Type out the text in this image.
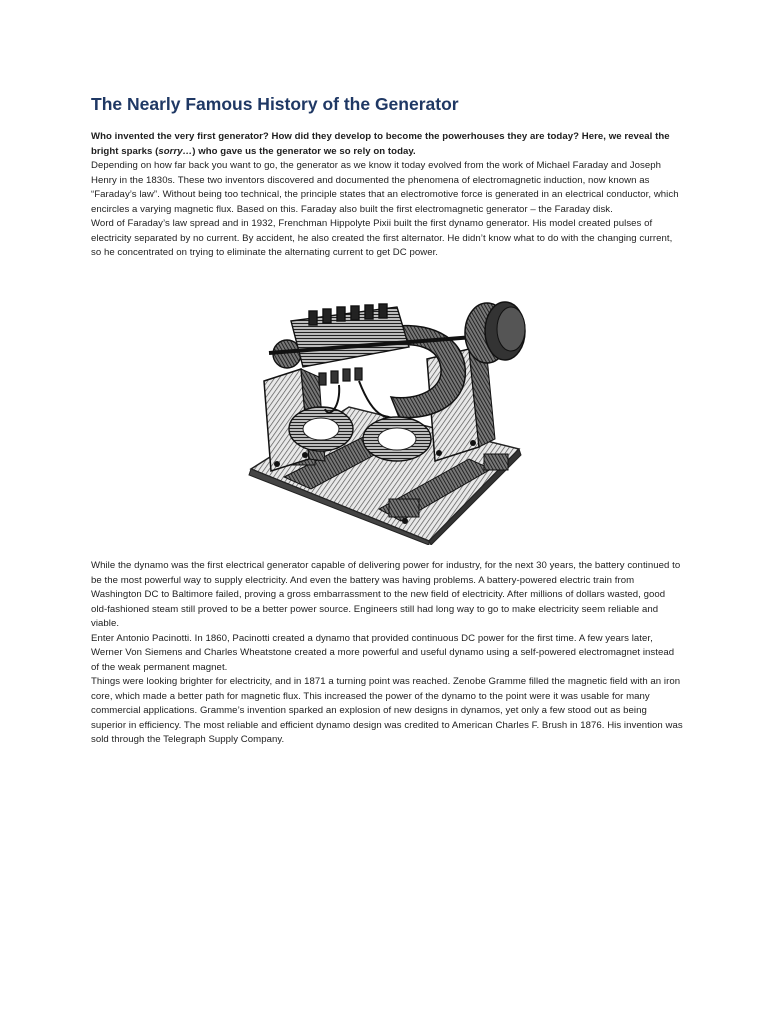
The Nearly Famous History of the Generator

Who invented the very first generator? How did they develop to become the powerhouses they are today? Here, we reveal the bright sparks (sorry…) who gave us the generator we so rely on today.

Depending on how far back you want to go, the generator as we know it today evolved from the work of Michael Faraday and Joseph Henry in the 1830s. These two inventors discovered and documented the phenomena of electromagnetic induction, now known as “Faraday’s law”. Without being too technical, the principle states that an electromotive force is generated in an electrical conductor, which encircles a varying magnetic flux. Based on this. Faraday also built the first electromagnetic generator – the Faraday disk.

Word of Faraday’s law spread and in 1932, Frenchman Hippolyte Pixii built the first dynamo generator. His model created pulses of electricity separated by no current. By accident, he also created the first alternator. He didn’t know what to do with the changing current, so he concentrated on trying to eliminate the alternating current to get DC power.

While the dynamo was the first electrical generator capable of delivering power for industry, for the next 30 years, the battery continued to be the most powerful way to supply electricity. And even the battery was having problems. A battery-powered electric train from Washington DC to Baltimore failed, proving a gross embarrassment to the new field of electricity. After millions of dollars wasted, good old-fashioned steam still proved to be a better power source. Engineers still had long way to go to make electricity seem reliable and viable.

Enter Antonio Pacinotti. In 1860, Pacinotti created a dynamo that provided continuous DC power for the first time. A few years later, Werner Von Siemens and Charles Wheatstone created a more powerful and useful dynamo using a self-powered electromagnet instead of the weak permanent magnet.

Things were looking brighter for electricity, and in 1871 a turning point was reached. Zenobe Gramme filled the magnetic field with an iron core, which made a better path for magnetic flux. This increased the power of the dynamo to the point were it was usable for many commercial applications. Gramme’s invention sparked an explosion of new designs in dynamos, yet only a few stood out as being superior in efficiency. The most reliable and efficient dynamo design was credited to American Charles F. Brush in 1876. His invention was sold through the Telegraph Supply Company.
